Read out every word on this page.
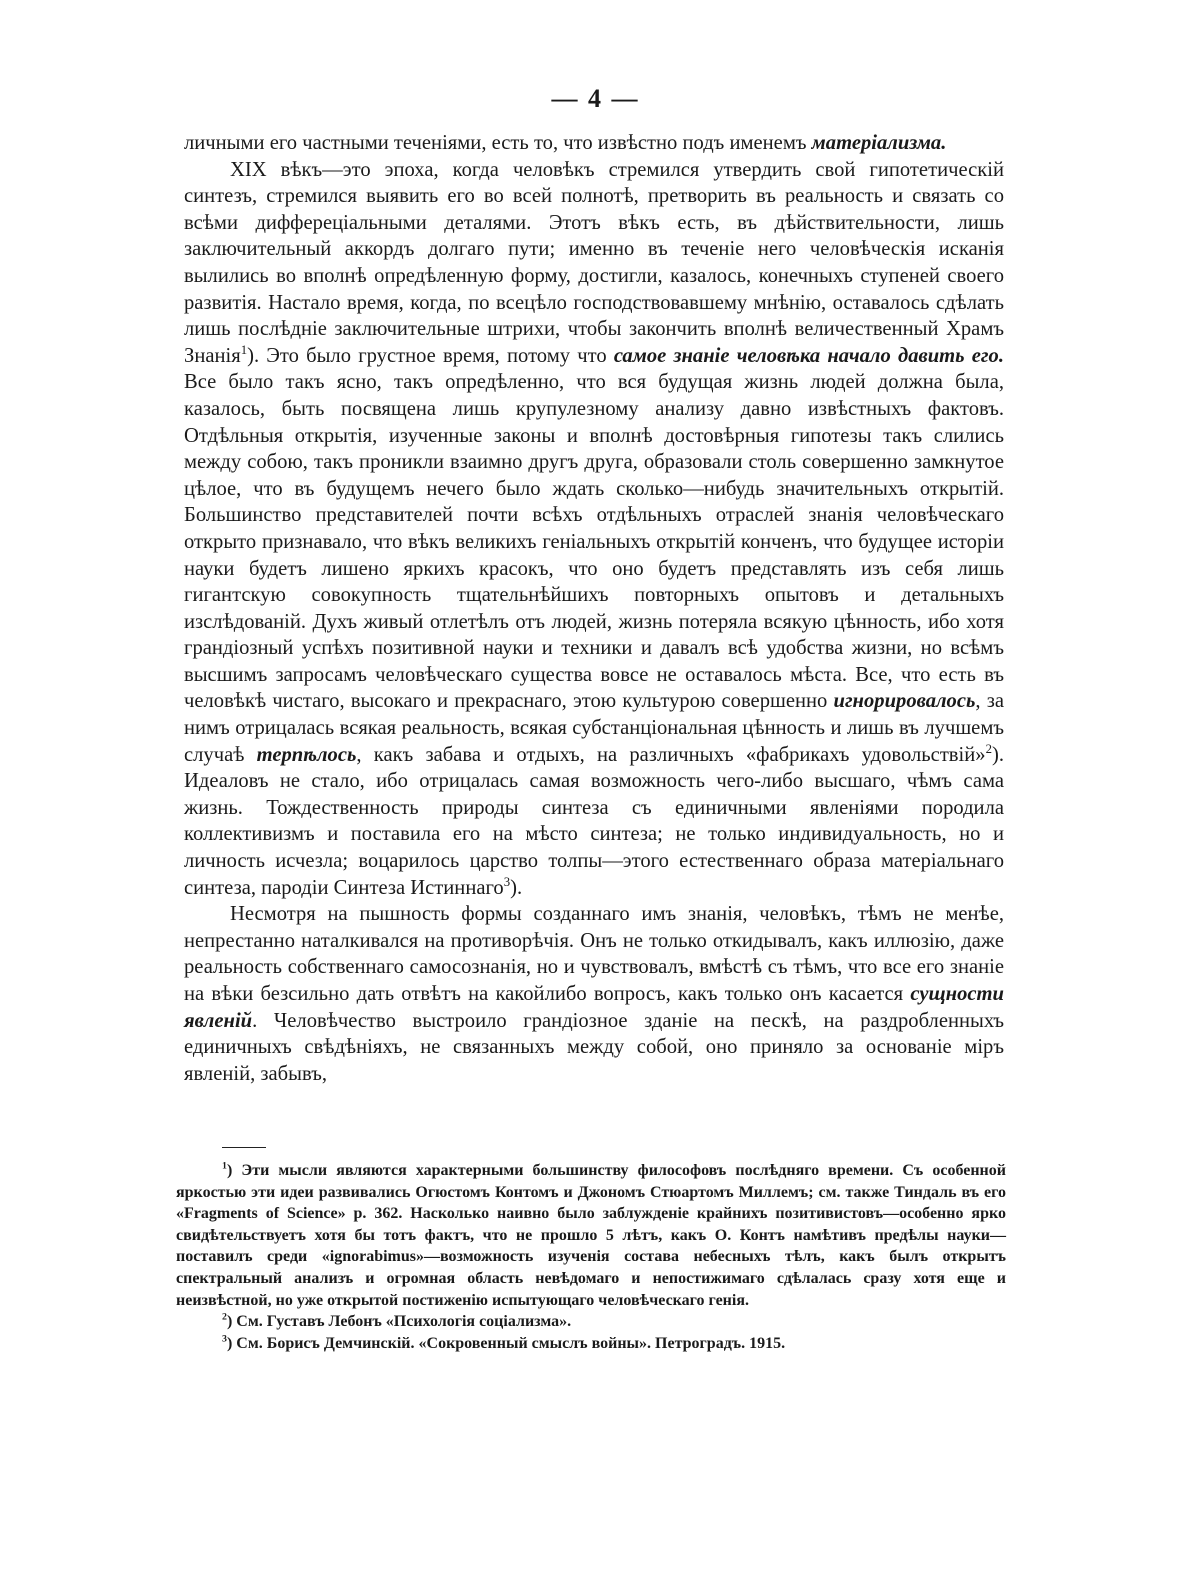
— 4 —

личными его частными теченіями, есть то, что извѣстно подъ именемъ матеріализма.

XIX вѣкъ—это эпоха, когда человѣкъ стремился утвердить свой гипотетическій синтезъ, стремился выявить его во всей полнотѣ, претворить въ реальность и связать со всѣми диффереціальными деталями. Этотъ вѣкъ есть, въ дѣйствительности, лишь заключительный аккордъ долгаго пути; именно въ теченіе него человѣческія исканія вылились во вполнѣ опредѣленную форму, достигли, казалось, конечныхъ ступеней своего развитія. Настало время, когда, по всецѣло господствовавшему мнѣнію, оставалось сдѣлать лишь послѣдніе заключительные штрихи, чтобы закончить вполнѣ величественный Храмъ Знанія$^1$). Это было грустное время, потому что самое знаніе человѣка начало давить его. Все было такъ ясно, такъ опредѣленно, что вся будущая жизнь людей должна была, казалось, быть посвящена лишь крупулезному анализу давно извѣстныхъ фактовъ. Отдѣльныя открытія, изученные законы и вполнѣ достовѣрныя гипотезы такъ слились между собою, такъ проникли взаимно другъ друга, образовали столь совершенно замкнутое цѣлое, что въ будущемъ нечего было ждать сколько—нибудь значительныхъ открытій. Большинство представителей почти всѣхъ отдѣльныхъ отраслей знанія человѣческаго открыто признавало, что вѣкъ великихъ геніальныхъ открытій конченъ, что будущее исторіи науки будетъ лишено яркихъ красокъ, что оно будетъ представлять изъ себя лишь гигантскую совокупность тщательнѣйшихъ повторныхъ опытовъ и детальныхъ изслѣдованій. Духъ живый отлетѣлъ отъ людей, жизнь потеряла всякую цѣнность, ибо хотя грандіозный успѣхъ позитивной науки и техники и давалъ всѣ удобства жизни, но всѣмъ высшимъ запросамъ человѣческаго существа вовсе не оставалось мѣста. Все, что есть въ человѣкѣ чистаго, высокаго и прекраснаго, этою культурою совершенно игнорировалось, за нимъ отрицалась всякая реальность, всякая субстанціональная цѣнность и лишь въ лучшемъ случаѣ терпѣлось, какъ забава и отдыхъ, на различныхъ «фабрикахъ удовольствій»$^2$). Идеаловъ не стало, ибо отрицалась самая возможность чего-либо высшаго, чѣмъ сама жизнь. Тождественность природы синтеза съ единичными явленіями породила коллективизмъ и поставила его на мѣсто синтеза; не только индивидуальность, но и личность исчезла; воцарилось царство толпы—этого естественнаго образа матеріальнаго синтеза, пародіи Синтеза Истиннаго$^3$).

Несмотря на пышность формы созданнаго имъ знанія, человѣкъ, тѣмъ не менѣе, непрестанно наталкивался на противорѣчія. Онъ не только откидывалъ, какъ иллюзію, даже реальность собственнаго самосознанія, но и чувствовалъ, вмѣстѣ съ тѣмъ, что все его знаніе на вѣки безсильно дать отвѣтъ на какойлибо вопросъ, какъ только онъ касается сущности явленій. Человѣчество выстроило грандіозное зданіе на пескѣ, на раздробленныхъ единичныхъ свѣдѣніяхъ, не связанныхъ между собой, оно приняло за основаніе міръ явленій, забывъ,

$^1$) Эти мысли являются характерными большинству философовъ послѣдняго времени. Съ особенной яркостью эти идеи развивались Огюстомъ Контомъ и Джономъ Стюартомъ Миллемъ; см. также Тиндаль въ его «Fragments of Science» p. 362. Насколько наивно было заблужденіе крайнихъ позитивистовъ—особенно ярко свидѣтельствуетъ хотя бы тотъ фактъ, что не прошло 5 лѣтъ, какъ О. Контъ намѣтивъ предѣлы науки—поставилъ среди «ignorabimus»—возможность изученія состава небесныхъ тѣлъ, какъ былъ открытъ спектральный анализъ и огромная область невѣдомаго и непостижимаго сдѣлалась сразу хотя еще и неизвѣстной, но уже открытой постиженію испытующаго человѣческаго генія.

$^2$) См. Густавъ Лебонъ «Психологія соціализма».

$^3$) См. Борисъ Демчинскій. «Сокровенный смыслъ войны». Петроградъ. 1915.
